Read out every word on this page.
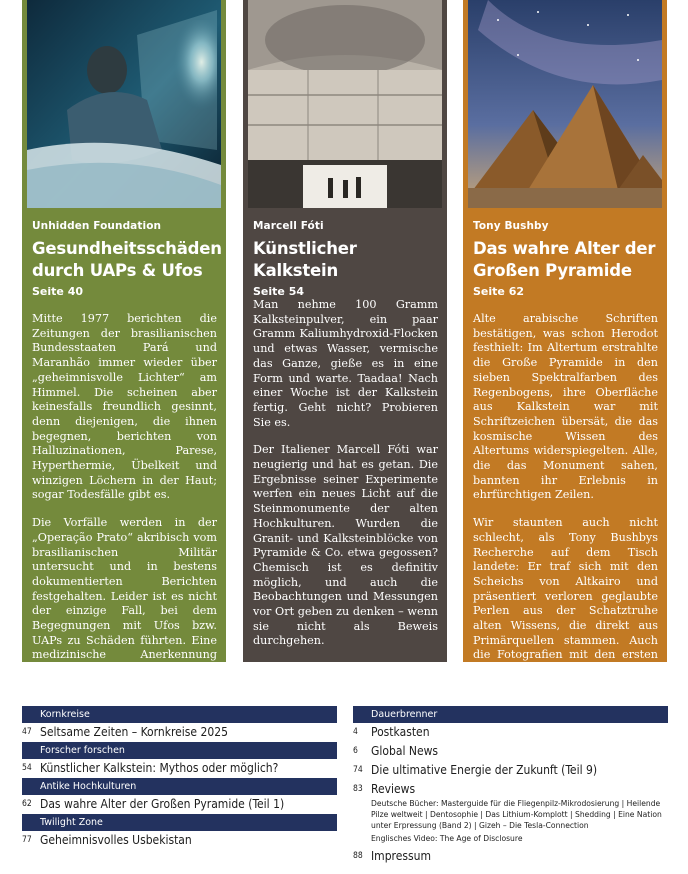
Unhidden Foundation
Gesundheitsschäden
durch UAPs & Ufos
Seite 40

Mitte 1977 berichten die Zeitungen der brasilianischen Bundesstaaten Pará und Maranhão immer wieder über „geheimnisvolle Lichter“ am Himmel. Die scheinen aber keinesfalls freundlich gesinnt, denn diejenigen, die ihnen begegnen, berichten von Halluzinationen, Parese, Hyperthermie, Übelkeit und winzigen Löchern in der Haut; sogar Todesfälle gibt es.

Die Vorfälle werden in der „Operação Prato“ akribisch vom brasilianischen Militär untersucht und in bestens dokumentierten Berichten festgehalten. Leider ist es nicht der einzige Fall, bei dem Begegnungen mit Ufos bzw. UAPs zu Schäden führten. Eine medizinische Anerkennung bleibt jedoch bis heute aus.

Marcell Fóti
Künstlicher Kalkstein
Seite 54

Man nehme 100 Gramm Kalksteinpulver, ein paar Gramm Kaliumhydroxid-Flocken und etwas Wasser, vermische das Ganze, gieße es in eine Form und warte. Taadaa! Nach einer Woche ist der Kalkstein fertig. Geht nicht? Probieren Sie es.

Der Italiener Marcell Fóti war neugierig und hat es getan. Die Ergebnisse seiner Experimente werfen ein neues Licht auf die Steinmonumente der alten Hochkulturen. Wurden die Granit- und Kalksteinblöcke von Pyramide & Co. etwa gegossen? Chemisch ist es definitiv möglich, und auch die Beobachtungen und Messungen vor Ort geben zu denken – wenn sie nicht als Beweis durchgehen.

Ist damit ein oft beschworenes Rätsel der Vergangenheit gelöst?

Tony Bushby
Das wahre Alter der
Großen Pyramide
Seite 62

Alte arabische Schriften bestätigen, was schon Herodot festhielt: Im Altertum erstrahlte die Große Pyramide in den sieben Spektralfarben des Regenbogens, ihre Oberfläche aus Kalkstein war mit Schriftzeichen übersät, die das kosmische Wissen des Altertums widerspiegelten. Alle, die das Monument sahen, bannten ihr Erlebnis in ehrfürchtigen Zeilen.

Wir staunten auch nicht schlecht, als Tony Bushbys Recherche auf dem Tisch landete: Er traf sich mit den Scheichs von Altkairo und präsentiert verloren geglaubte Perlen aus der Schatztruhe alten Wissens, die direkt aus Primärquellen stammen. Auch die Fotografien mit den ersten verfügbaren Kameras zeigen Dinge, die es offiziell gar nicht gibt.

Kornkreise
47 Seltsame Zeiten – Kornkreise 2025
Forscher forschen
54 Künstlicher Kalkstein: Mythos oder möglich?
Antike Hochkulturen
62 Das wahre Alter der Großen Pyramide (Teil 1)
Twilight Zone
77 Geheimnisvolles Usbekistan
Dauerbrenner
4	Postkasten
6	Global News
74 Die ultimative Energie der Zukunft (Teil 9)
83 Reviews
Deutsche Bücher: Masterguide für die Fliegenpilz-Mikrodosierung | Heilende Pilze weltweit | Dentosophie | Das Lithium-Komplott | Shedding | Eine Nation unter Erpressung (Band 2) | Gizeh – Die Tesla-Connection
Englisches Video: The Age of Disclosure
88 Impressum
